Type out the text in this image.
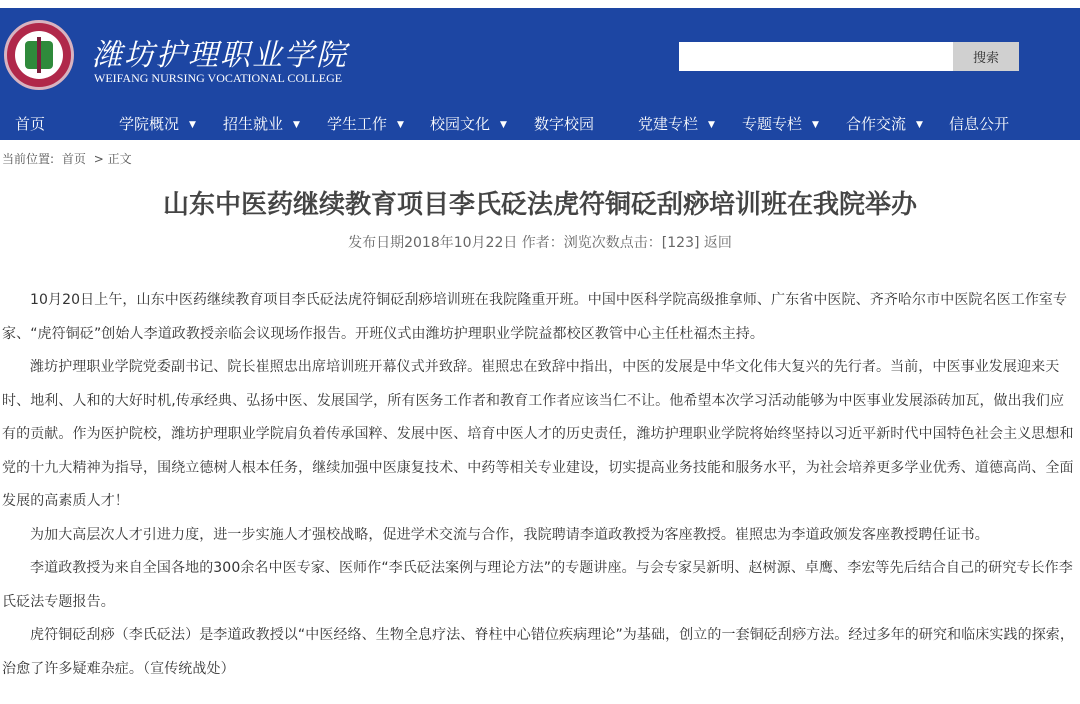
潍坊护理职业学院
WEIFANG NURSING VOCATIONAL COLLEGE
搜索
首页	学院概况 ▼ 招生就业 ▼ 学生工作 ▼ 校园文化 ▼ 数字校园	党建专栏 ▼ 专题专栏 ▼ 合作交流 ▼ 信息公开
当前位置: 首页 > 正文
山东中医药继续教育项目李氏砭法虎符铜砭刮痧培训班在我院举办
发布日期2018年10月22日 作者：浏览次数点击：[123] 返回

10月20日上午，山东中医药继续教育项目李氏砭法虎符铜砭刮痧培训班在我院隆重开班。中国中医科学院高级推拿师、广东省中医院、齐齐哈尔市中医院名医工作室专家、“虎符铜砭”创始人李道政教授亲临会议现场作报告。开班仪式由潍坊护理职业学院益都校区教管中心主任杜福杰主持。

潍坊护理职业学院党委副书记、院长崔照忠出席培训班开幕仪式并致辞。崔照忠在致辞中指出，中医的发展是中华文化伟大复兴的先行者。当前，中医事业发展迎来天时、地利、人和的大好时机,传承经典、弘扬中医、发展国学，所有医务工作者和教育工作者应该当仁不让。他希望本次学习活动能够为中医事业发展添砖加瓦，做出我们应有的贡献。作为医护院校，潍坊护理职业学院肩负着传承国粹、发展中医、培育中医人才的历史责任，潍坊护理职业学院将始终坚持以习近平新时代中国特色社会主义思想和党的十九大精神为指导，围绕立德树人根本任务，继续加强中医康复技术、中药等相关专业建设，切实提高业务技能和服务水平，为社会培养更多学业优秀、道德高尚、全面发展的高素质人才！

为加大高层次人才引进力度，进一步实施人才强校战略，促进学术交流与合作，我院聘请李道政教授为客座教授。崔照忠为李道政颁发客座教授聘任证书。

李道政教授为来自全国各地的300余名中医专家、医师作“李氏砭法案例与理论方法”的专题讲座。与会专家吴新明、赵树源、卓鹰、李宏等先后结合自己的研究专长作李氏砭法专题报告。

虎符铜砭刮痧（李氏砭法）是李道政教授以“中医经络、生物全息疗法、脊柱中心错位疾病理论”为基础，创立的一套铜砭刮痧方法。经过多年的研究和临床实践的探索，治愈了许多疑难杂症。（宣传统战处）
